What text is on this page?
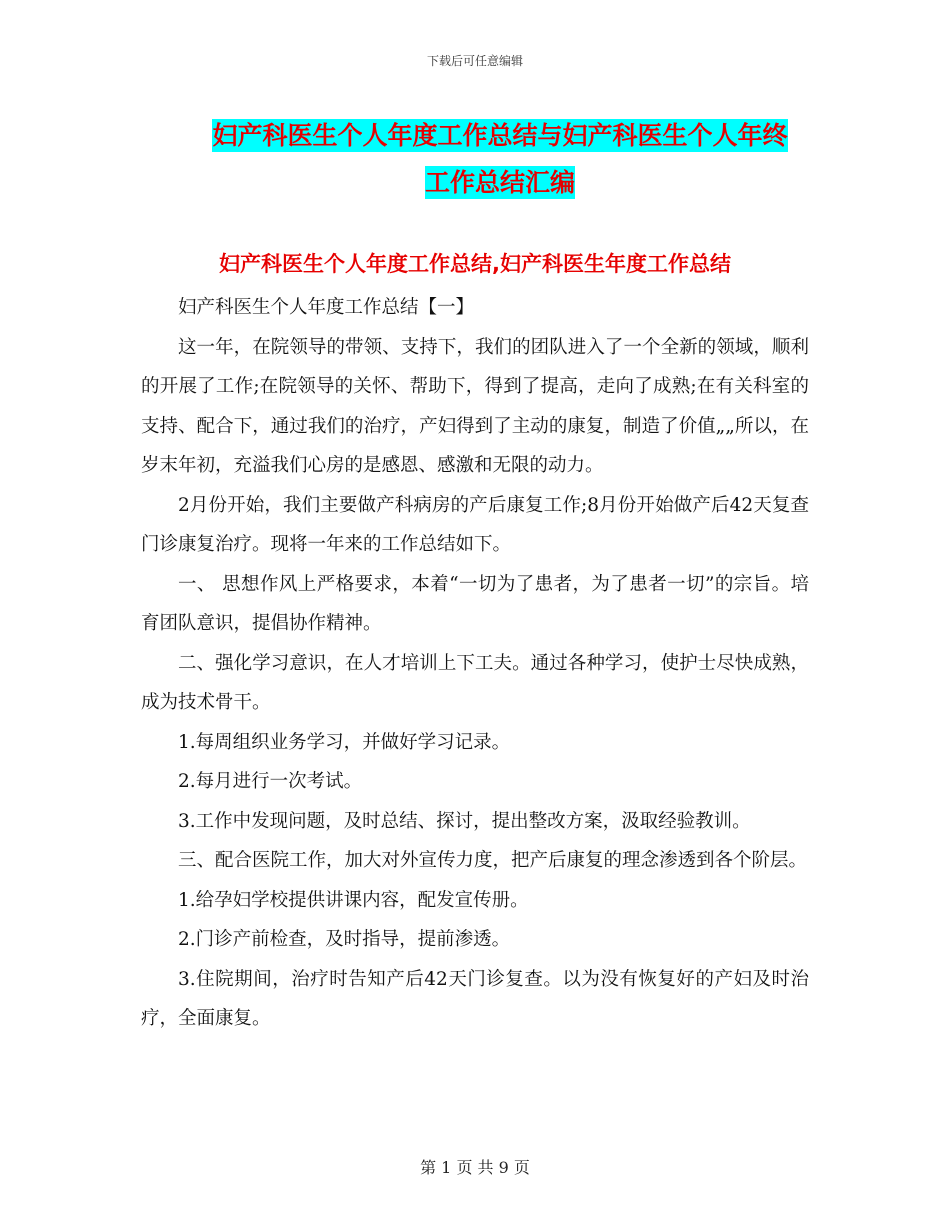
下载后可任意编辑
妇产科医生个人年度工作总结与妇产科医生个人年终
工作总结汇编
妇产科医生个人年度工作总结,妇产科医生年度工作总结

妇产科医生个人年度工作总结【一】

这一年，在院领导的带领、支持下，我们的团队进入了一个全新的领域，顺利的开展了工作;在院领导的关怀、帮助下，得到了提高，走向了成熟;在有关科室的支持、配合下，通过我们的治疗，产妇得到了主动的康复，制造了价值„„所以，在岁末年初，充溢我们心房的是感恩、感激和无限的动力。

2月份开始，我们主要做产科病房的产后康复工作;8月份开始做产后42天复查门诊康复治疗。现将一年来的工作总结如下。

一、 思想作风上严格要求，本着“一切为了患者，为了患者一切”的宗旨。培育团队意识，提倡协作精神。

二、强化学习意识，在人才培训上下工夫。通过各种学习，使护士尽快成熟，成为技术骨干。

1.每周组织业务学习，并做好学习记录。

2.每月进行一次考试。

3.工作中发现问题，及时总结、探讨，提出整改方案，汲取经验教训。

三、配合医院工作，加大对外宣传力度，把产后康复的理念渗透到各个阶层。

1.给孕妇学校提供讲课内容，配发宣传册。

2.门诊产前检查，及时指导，提前渗透。

3.住院期间，治疗时告知产后42天门诊复查。以为没有恢复好的产妇及时治疗，全面康复。

第 1 页 共 9 页
